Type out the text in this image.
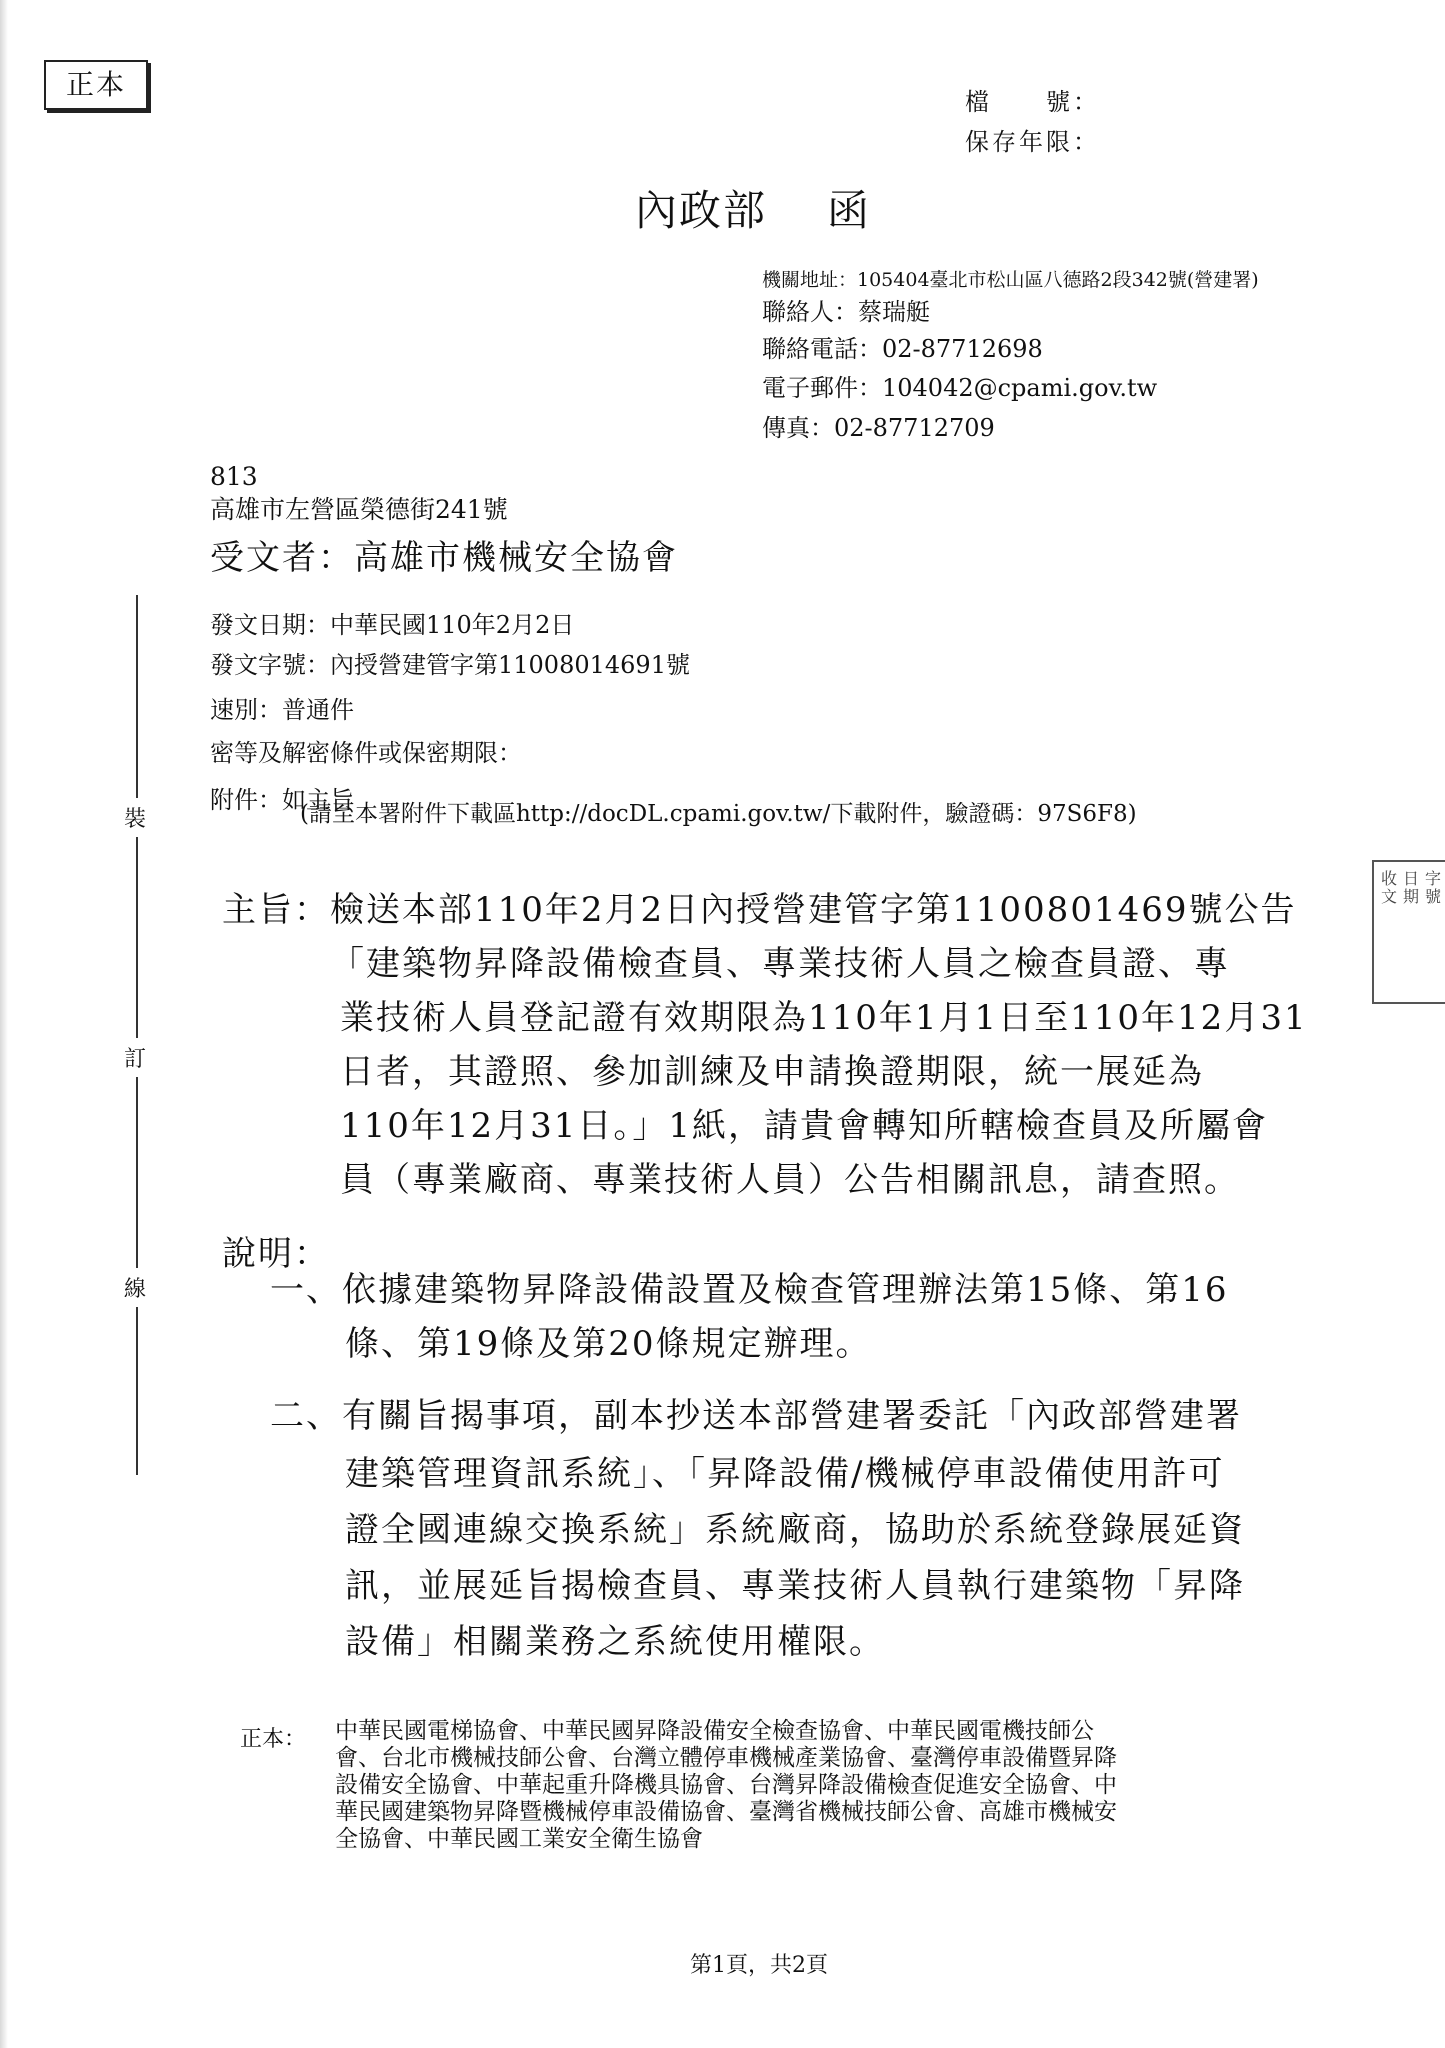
正本
檔　　號：
保存年限：
內政部 函
機關地址：105404臺北市松山區八德路2段342號(營建署)
聯絡人：蔡瑞艇
聯絡電話：02-87712698
電子郵件：104042@cpami.gov.tw
傳真：02-87712709
813
高雄市左營區榮德街241號
受文者：高雄市機械安全協會
發文日期：中華民國110年2月2日
發文字號：內授營建管字第11008014691號
速別：普通件
密等及解密條件或保密期限：
附件：如主旨
(請至本署附件下載區http://docDL.cpami.gov.tw/下載附件，驗證碼：97S6F8)
裝
訂
線
收文
日期
字號
主旨：檢送本部110年2月2日內授營建管字第1100801469號公告
「建築物昇降設備檢查員、專業技術人員之檢查員證、專
業技術人員登記證有效期限為110年1月1日至110年12月31
日者，其證照、參加訓練及申請換證期限，統一展延為
110年12月31日。」1紙，請貴會轉知所轄檢查員及所屬會
員（專業廠商、專業技術人員）公告相關訊息，請查照。
說明：
一、依據建築物昇降設備設置及檢查管理辦法第15條、第16
條、第19條及第20條規定辦理。
二、有關旨揭事項，副本抄送本部營建署委託「內政部營建署
建築管理資訊系統」、「昇降設備/機械停車設備使用許可
證全國連線交換系統」系統廠商，協助於系統登錄展延資
訊，並展延旨揭檢查員、專業技術人員執行建築物「昇降
設備」相關業務之系統使用權限。
正本： 中華民國電梯協會、中華民國昇降設備安全檢查協會、中華民國電機技師公
會、台北市機械技師公會、台灣立體停車機械產業協會、臺灣停車設備暨昇降
設備安全協會、中華起重升降機具協會、台灣昇降設備檢查促進安全協會、中
華民國建築物昇降暨機械停車設備協會、臺灣省機械技師公會、高雄市機械安
全協會、中華民國工業安全衛生協會
第1頁，共2頁
